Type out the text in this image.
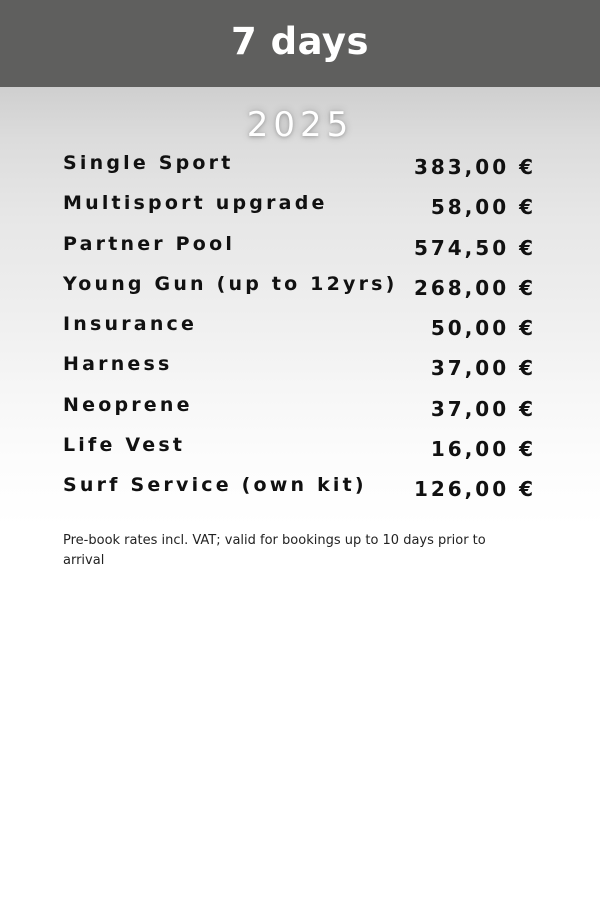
7 days
2025
Single Sport	383,00 €
Multisport upgrade	58,00 €
Partner Pool	574,50 €
Young Gun (up to 12yrs) 268,00 €
Insurance	50,00 €
Harness	37,00 €
Neoprene	37,00 €
Life Vest	16,00 €
Surf Service (own kit) 126,00 €
Pre-book rates incl. VAT; valid for bookings up to 10 days prior to arrival
